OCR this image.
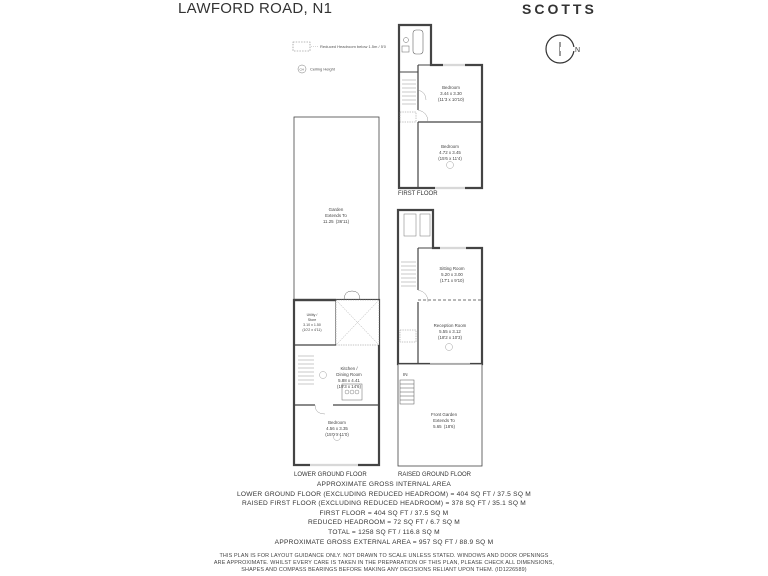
LAWFORD ROAD, N1	SCOTTS
Reduced Headroom below 1.5m / 5'0
CH Ceiling Height
N
Bedroom
3.44 x 3.30
(11'3 x 10'10)
Bedroom
4.72 x 3.45
(15'6 x 11'4)
Garden
Extends To
11.25 (36'11)
Utility /
Store
3.10 x 1.50
(10'2 x 4'11)
Kitchen /
Dining Room
5.88 x 4.41
(19'3 x 14'6)
Bedroom
4.56 x 3.35
(15'0 x 11'0)
IN
Sitting Room
5.20 x 3.00
(17'1 x 9'10)
Reception Room
5.55 x 3.12
(18'2 x 10'3)
Front Garden
Extends To
5.65 (18'6)
FIRST FLOOR
LOWER GROUND FLOOR	RAISED GROUND FLOOR
APPROXIMATE GROSS INTERNAL AREA
LOWER GROUND FLOOR (EXCLUDING REDUCED HEADROOM) = 404 SQ FT / 37.5 SQ M
RAISED FIRST FLOOR (EXCLUDING REDUCED HEADROOM) = 378 SQ FT / 35.1 SQ M
FIRST FLOOR = 404 SQ FT / 37.5 SQ M
REDUCED HEADROOM = 72 SQ FT / 6.7 SQ M
TOTAL = 1258 SQ FT / 116.8 SQ M
APPROXIMATE GROSS EXTERNAL AREA = 957 SQ FT / 88.9 SQ M
THIS PLAN IS FOR LAYOUT GUIDANCE ONLY. NOT DRAWN TO SCALE UNLESS STATED. WINDOWS AND DOOR OPENINGS
ARE APPROXIMATE. WHILST EVERY CARE IS TAKEN IN THE PREPARATION OF THIS PLAN, PLEASE CHECK ALL DIMENSIONS,
SHAPES AND COMPASS BEARINGS BEFORE MAKING ANY DECISIONS RELIANT UPON THEM. (ID1226589)
